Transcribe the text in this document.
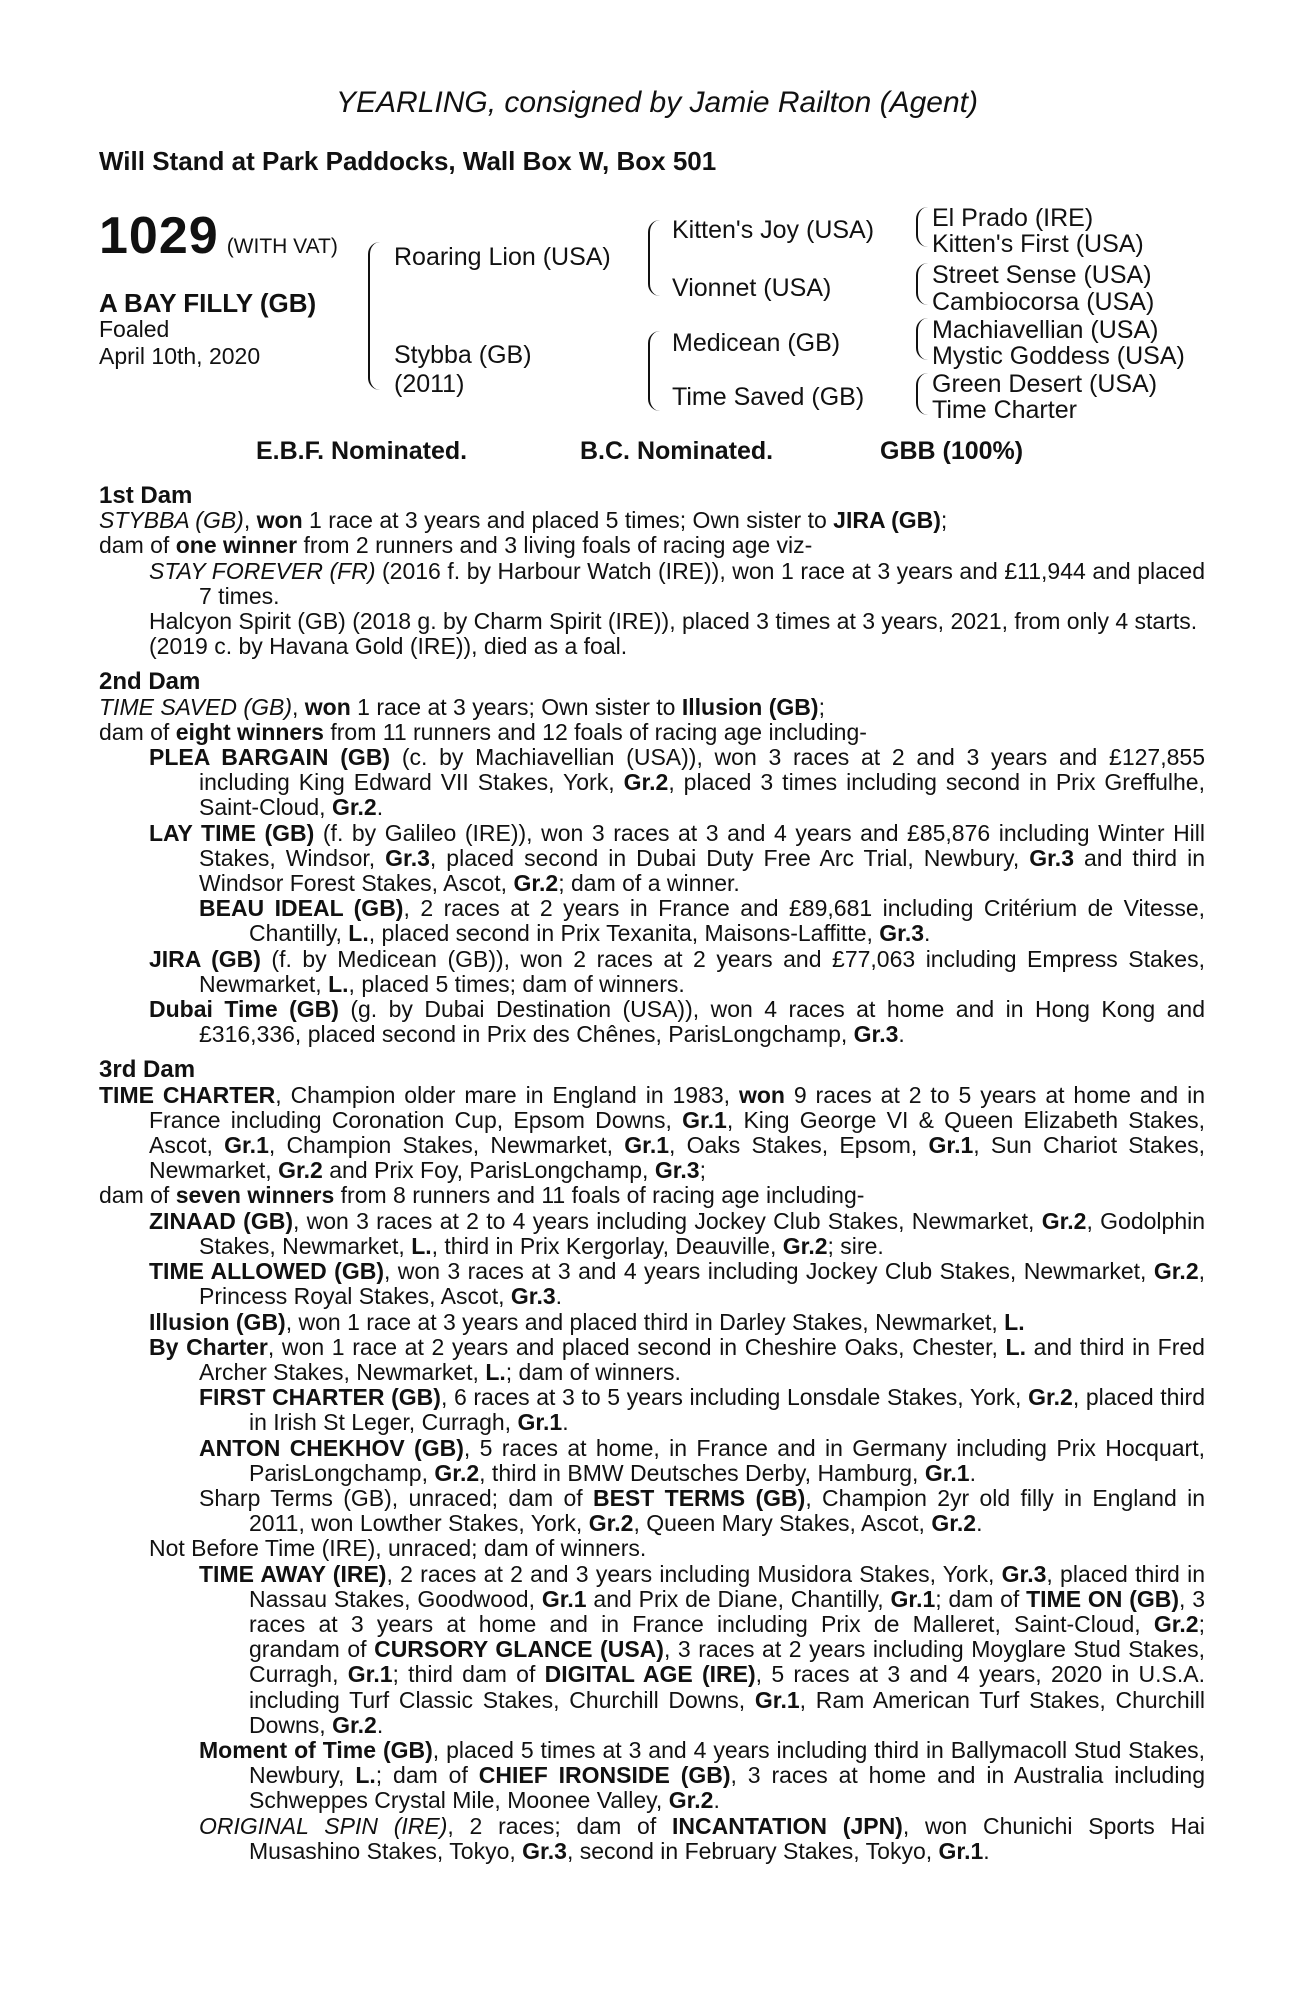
YEARLING, consigned by Jamie Railton (Agent)
Will Stand at Park Paddocks, Wall Box W, Box 501
1029 (WITH VAT)
A BAY FILLY (GB)
Foaled
April 10th, 2020
Roaring Lion (USA)
Stybba (GB)
(2011)
Kitten's Joy (USA)
Vionnet (USA)
Medicean (GB)
Time Saved (GB)
El Prado (IRE)
Kitten's First (USA)
Street Sense (USA)
Cambiocorsa (USA)
Machiavellian (USA)
Mystic Goddess (USA)
Green Desert (USA)
Time Charter
E.B.F. Nominated.	B.C. Nominated.	GBB (100%)
1st Dam
STYBBA (GB), won 1 race at 3 years and placed 5 times; Own sister to JIRA (GB);
dam of one winner from 2 runners and 3 living foals of racing age viz-
STAY FOREVER (FR) (2016 f. by Harbour Watch (IRE)), won 1 race at 3 years and £11,944 and placed 7 times.
Halcyon Spirit (GB) (2018 g. by Charm Spirit (IRE)), placed 3 times at 3 years, 2021, from only 4 starts.
(2019 c. by Havana Gold (IRE)), died as a foal.
2nd Dam
TIME SAVED (GB), won 1 race at 3 years; Own sister to Illusion (GB);
dam of eight winners from 11 runners and 12 foals of racing age including-
PLEA BARGAIN (GB) (c. by Machiavellian (USA)), won 3 races at 2 and 3 years and £127,855 including King Edward VII Stakes, York, Gr.2, placed 3 times including second in Prix Greffulhe, Saint-Cloud, Gr.2.
LAY TIME (GB) (f. by Galileo (IRE)), won 3 races at 3 and 4 years and £85,876 including Winter Hill Stakes, Windsor, Gr.3, placed second in Dubai Duty Free Arc Trial, Newbury, Gr.3 and third in Windsor Forest Stakes, Ascot, Gr.2; dam of a winner.
BEAU IDEAL (GB), 2 races at 2 years in France and £89,681 including Critérium de Vitesse, Chantilly, L., placed second in Prix Texanita, Maisons-Laffitte, Gr.3.
JIRA (GB) (f. by Medicean (GB)), won 2 races at 2 years and £77,063 including Empress Stakes, Newmarket, L., placed 5 times; dam of winners.
Dubai Time (GB) (g. by Dubai Destination (USA)), won 4 races at home and in Hong Kong and £316,336, placed second in Prix des Chênes, ParisLongchamp, Gr.3.
3rd Dam
TIME CHARTER, Champion older mare in England in 1983, won 9 races at 2 to 5 years at home and in France including Coronation Cup, Epsom Downs, Gr.1, King George VI & Queen Elizabeth Stakes, Ascot, Gr.1, Champion Stakes, Newmarket, Gr.1, Oaks Stakes, Epsom, Gr.1, Sun Chariot Stakes, Newmarket, Gr.2 and Prix Foy, ParisLongchamp, Gr.3;
dam of seven winners from 8 runners and 11 foals of racing age including-
ZINAAD (GB), won 3 races at 2 to 4 years including Jockey Club Stakes, Newmarket, Gr.2, Godolphin Stakes, Newmarket, L., third in Prix Kergorlay, Deauville, Gr.2; sire.
TIME ALLOWED (GB), won 3 races at 3 and 4 years including Jockey Club Stakes, Newmarket, Gr.2, Princess Royal Stakes, Ascot, Gr.3.
Illusion (GB), won 1 race at 3 years and placed third in Darley Stakes, Newmarket, L.
By Charter, won 1 race at 2 years and placed second in Cheshire Oaks, Chester, L. and third in Fred Archer Stakes, Newmarket, L.; dam of winners.
FIRST CHARTER (GB), 6 races at 3 to 5 years including Lonsdale Stakes, York, Gr.2, placed third in Irish St Leger, Curragh, Gr.1.
ANTON CHEKHOV (GB), 5 races at home, in France and in Germany including Prix Hocquart, ParisLongchamp, Gr.2, third in BMW Deutsches Derby, Hamburg, Gr.1.
Sharp Terms (GB), unraced; dam of BEST TERMS (GB), Champion 2yr old filly in England in 2011, won Lowther Stakes, York, Gr.2, Queen Mary Stakes, Ascot, Gr.2.
Not Before Time (IRE), unraced; dam of winners.
TIME AWAY (IRE), 2 races at 2 and 3 years including Musidora Stakes, York, Gr.3, placed third in Nassau Stakes, Goodwood, Gr.1 and Prix de Diane, Chantilly, Gr.1; dam of TIME ON (GB), 3 races at 3 years at home and in France including Prix de Malleret, Saint-Cloud, Gr.2; grandam of CURSORY GLANCE (USA), 3 races at 2 years including Moyglare Stud Stakes, Curragh, Gr.1; third dam of DIGITAL AGE (IRE), 5 races at 3 and 4 years, 2020 in U.S.A. including Turf Classic Stakes, Churchill Downs, Gr.1, Ram American Turf Stakes, Churchill Downs, Gr.2.
Moment of Time (GB), placed 5 times at 3 and 4 years including third in Ballymacoll Stud Stakes, Newbury, L.; dam of CHIEF IRONSIDE (GB), 3 races at home and in Australia including Schweppes Crystal Mile, Moonee Valley, Gr.2.
ORIGINAL SPIN (IRE), 2 races; dam of INCANTATION (JPN), won Chunichi Sports Hai Musashino Stakes, Tokyo, Gr.3, second in February Stakes, Tokyo, Gr.1.
